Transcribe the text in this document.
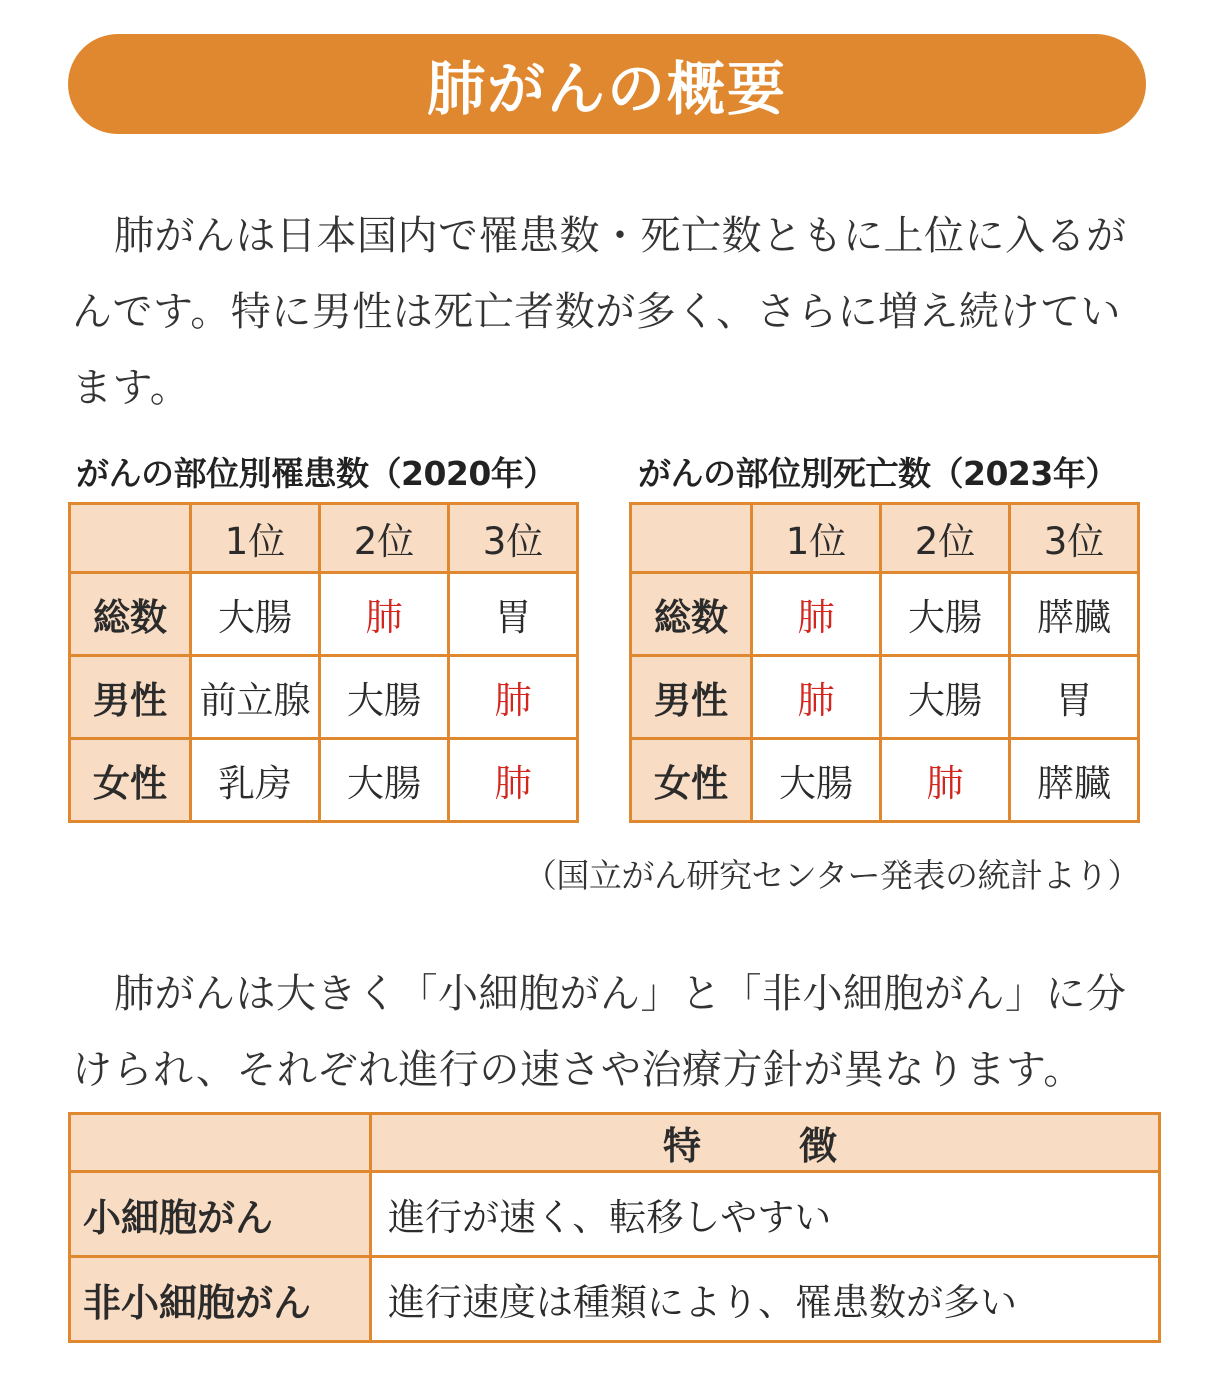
肺がんの概要

肺がんは日本国内で罹患数・死亡数ともに上位に入るがんです。特に男性は死亡者数が多く、さらに増え続けています。

がんの部位別罹患数（2020年） がんの部位別死亡数（2023年）
	1位	2位	3位
総数	大腸	肺	胃
男性	前立腺	大腸	肺
女性	乳房	大腸	肺
	1位	2位	3位
総数	肺	大腸	膵臓
男性	肺	大腸	胃
女性	大腸	肺	膵臓
（国立がん研究センター発表の統計より）

肺がんは大きく「小細胞がん」と「非小細胞がん」に分けられ、それぞれ進行の速さや治療方針が異なります。

	特　徴
小細胞がん	進行が速く、転移しやすい
非小細胞がん	進行速度は種類により、罹患数が多い
